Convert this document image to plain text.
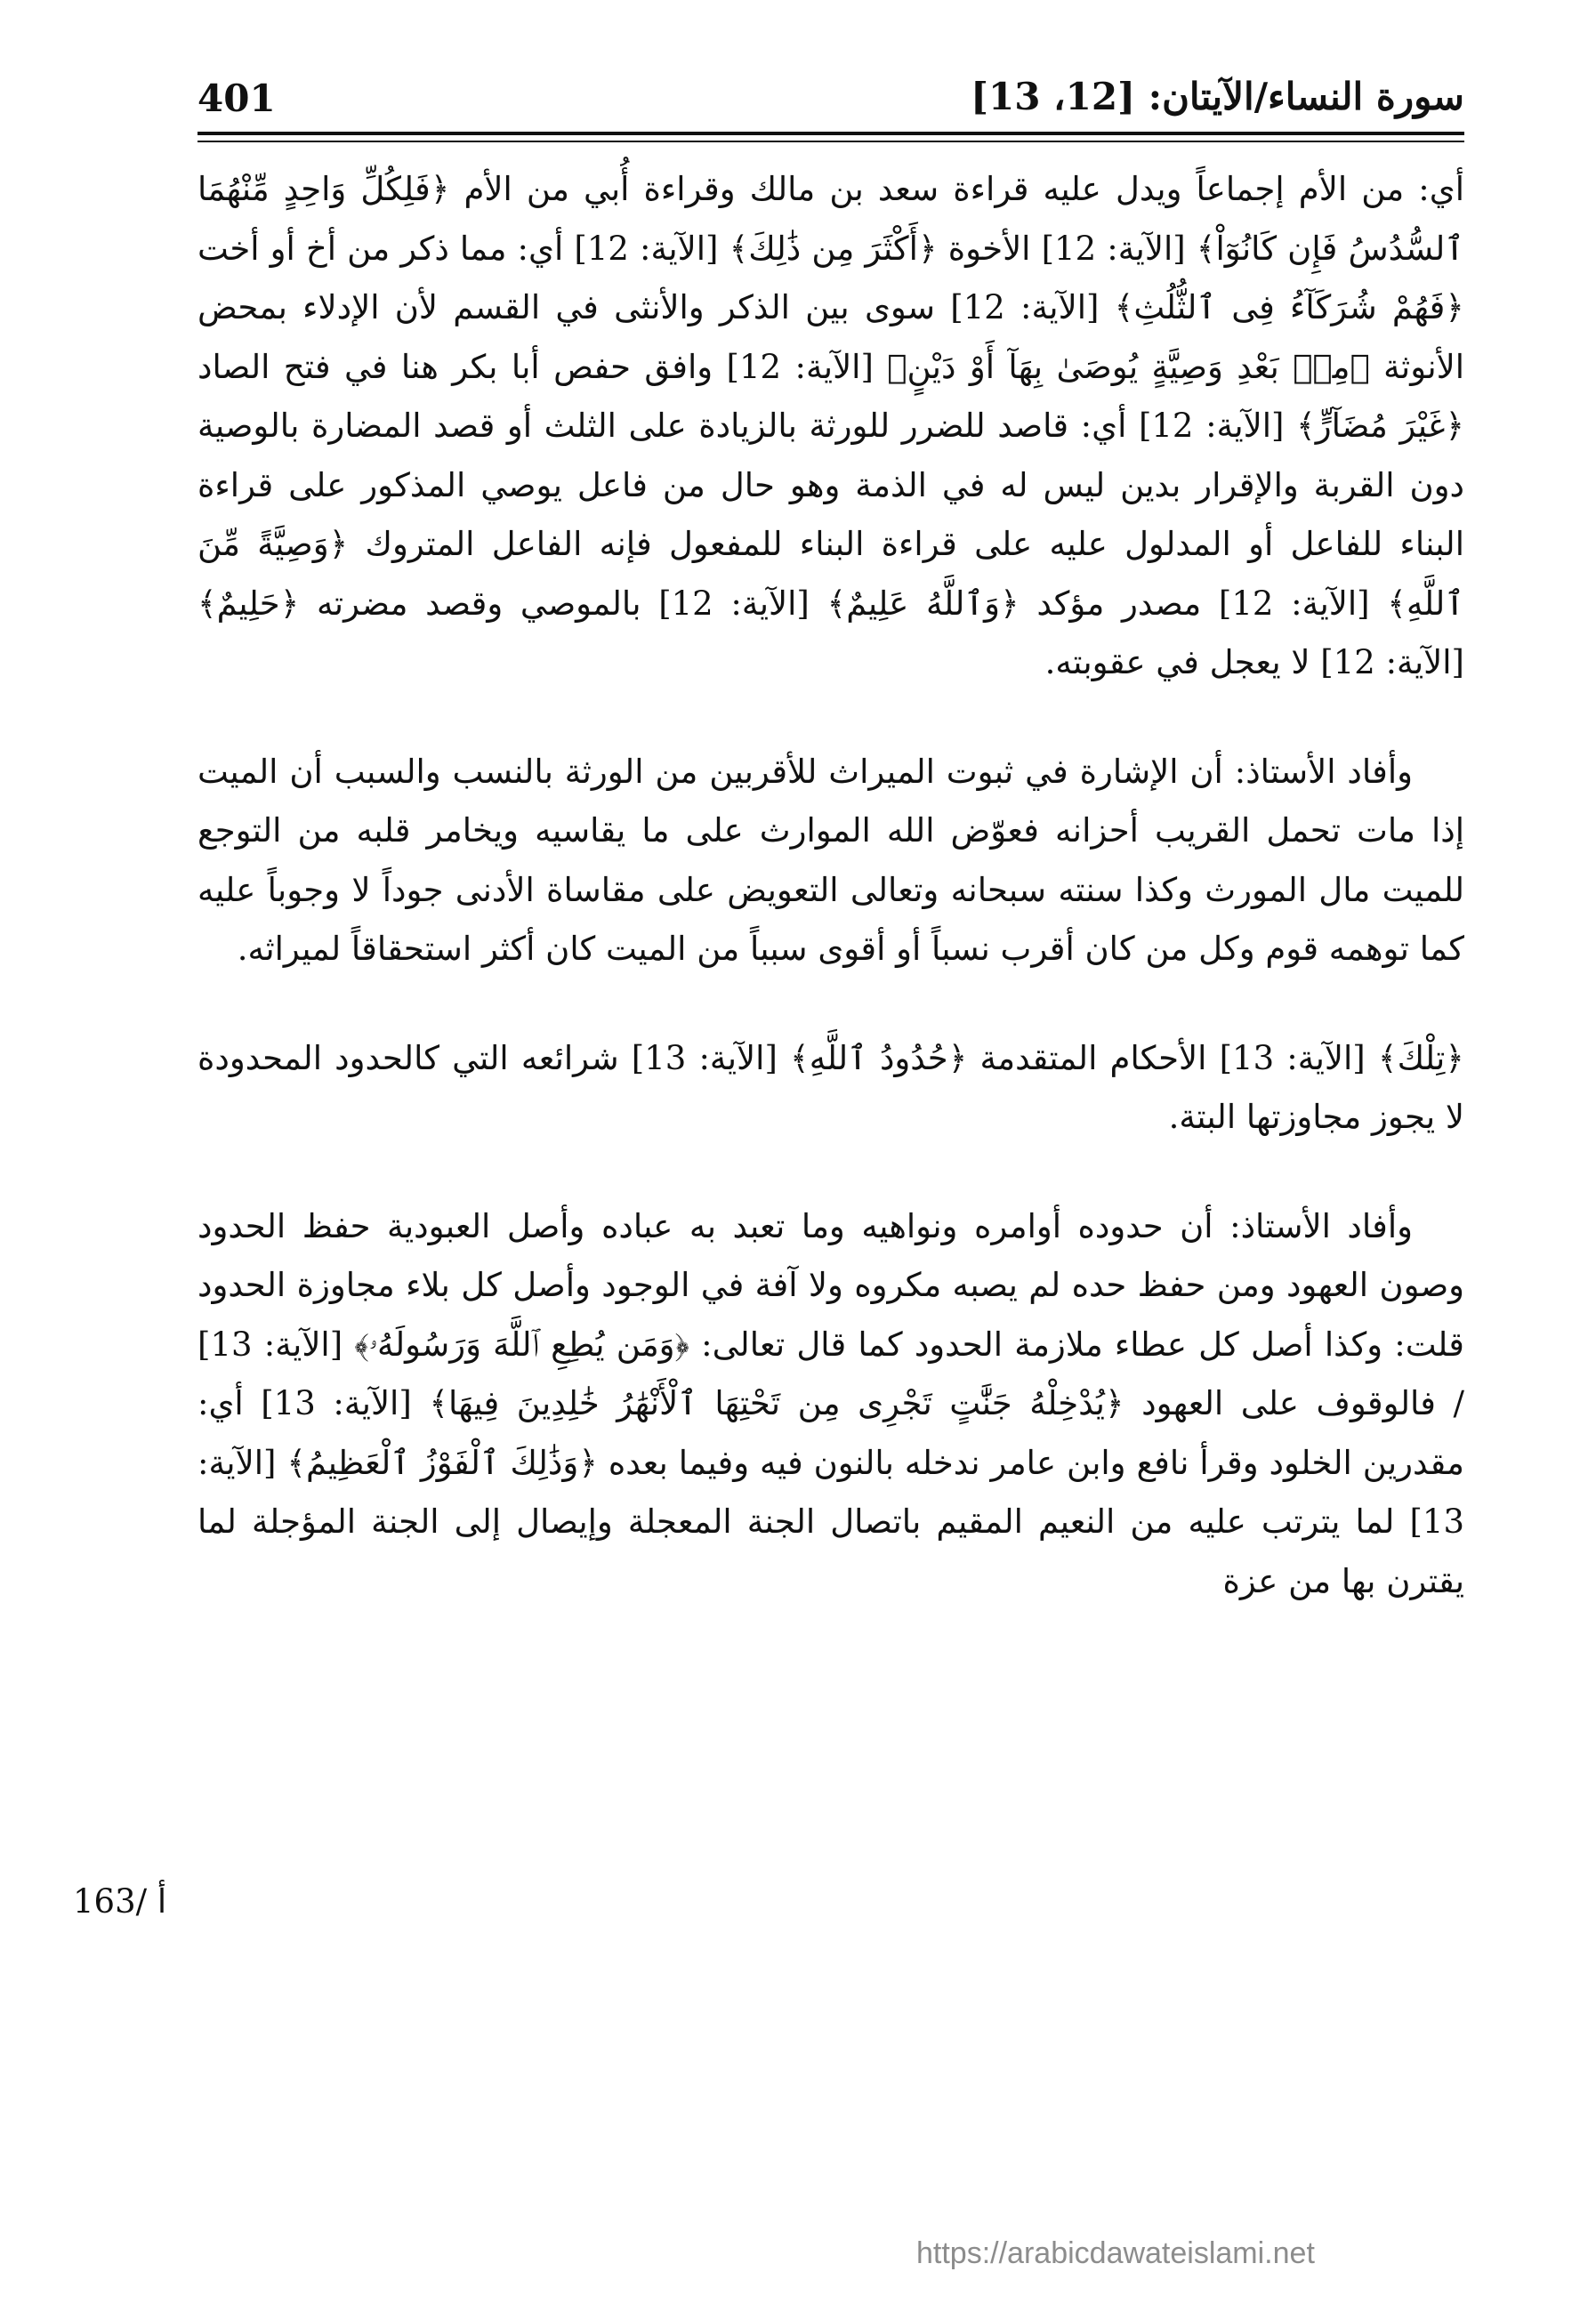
401	سورة النساء/الآيتان: [12، 13]

أي: من الأم إجماعاً ويدل عليه قراءة سعد بن مالك وقراءة أُبي من الأم ﴿فَلِكُلِّ وَاحِدٍ مِّنْهُمَا ٱلسُّدُسُ فَإِن كَانُوٓاْ﴾ [الآية: 12] الأخوة ﴿أَكْثَرَ مِن ذَٰلِكَ﴾ [الآية: 12] أي: مما ذكر من أخ أو أخت ﴿فَهُمْ شُرَكَآءُ فِى ٱلثُّلُثِ﴾ [الآية: 12] سوى بين الذكر والأنثى في القسم لأن الإدلاء بمحض الأنوثة ﴿مِنۢ بَعْدِ وَصِيَّةٍ يُوصَىٰ بِهَآ أَوْ دَيْنٍ﴾ [الآية: 12] وافق حفص أبا بكر هنا في فتح الصاد ﴿غَيْرَ مُضَآرٍّ﴾ [الآية: 12] أي: قاصد للضرر للورثة بالزيادة على الثلث أو قصد المضارة بالوصية دون القربة والإقرار بدين ليس له في الذمة وهو حال من فاعل يوصي المذكور على قراءة البناء للفاعل أو المدلول عليه على قراءة البناء للمفعول فإنه الفاعل المتروك ﴿وَصِيَّةً مِّنَ ٱللَّهِ﴾ [الآية: 12] مصدر مؤكد ﴿وَٱللَّهُ عَلِيمٌ﴾ [الآية: 12] بالموصي وقصد مضرته ﴿حَلِيمٌ﴾ [الآية: 12] لا يعجل في عقوبته.

وأفاد الأستاذ: أن الإشارة في ثبوت الميراث للأقربين من الورثة بالنسب والسبب أن الميت إذا مات تحمل القريب أحزانه فعوّض الله الموارث على ما يقاسيه ويخامر قلبه من التوجع للميت مال المورث وكذا سنته سبحانه وتعالى التعويض على مقاساة الأدنى جوداً لا وجوباً عليه كما توهمه قوم وكل من كان أقرب نسباً أو أقوى سبباً من الميت كان أكثر استحقاقاً لميراثه.

﴿تِلْكَ﴾ [الآية: 13] الأحكام المتقدمة ﴿حُدُودُ ٱللَّهِ﴾ [الآية: 13] شرائعه التي كالحدود المحدودة لا يجوز مجاوزتها البتة.

وأفاد الأستاذ: أن حدوده أوامره ونواهيه وما تعبد به عباده وأصل العبودية حفظ الحدود وصون العهود ومن حفظ حده لم يصبه مكروه ولا آفة في الوجود وأصل كل بلاء مجاوزة الحدود قلت: وكذا أصل كل عطاء ملازمة الحدود كما قال تعالى: ﴿وَمَن يُطِعِ ٱللَّهَ وَرَسُولَهُۥ﴾ [الآية: 13] / فالوقوف على العهود ﴿يُدْخِلْهُ جَنَّٰتٍ تَجْرِى مِن تَحْتِهَا ٱلْأَنْهَٰرُ خَٰلِدِينَ فِيهَا﴾ [الآية: 13] أي: مقدرين الخلود وقرأ نافع وابن عامر ندخله بالنون فيه وفيما بعده ﴿وَذَٰلِكَ ٱلْفَوْزُ ٱلْعَظِيمُ﴾ [الآية: 13] لما يترتب عليه من النعيم المقيم باتصال الجنة المعجلة وإيصال إلى الجنة المؤجلة لما يقترن بها من عزة

163/ أ
https://arabicdawateislami.net
